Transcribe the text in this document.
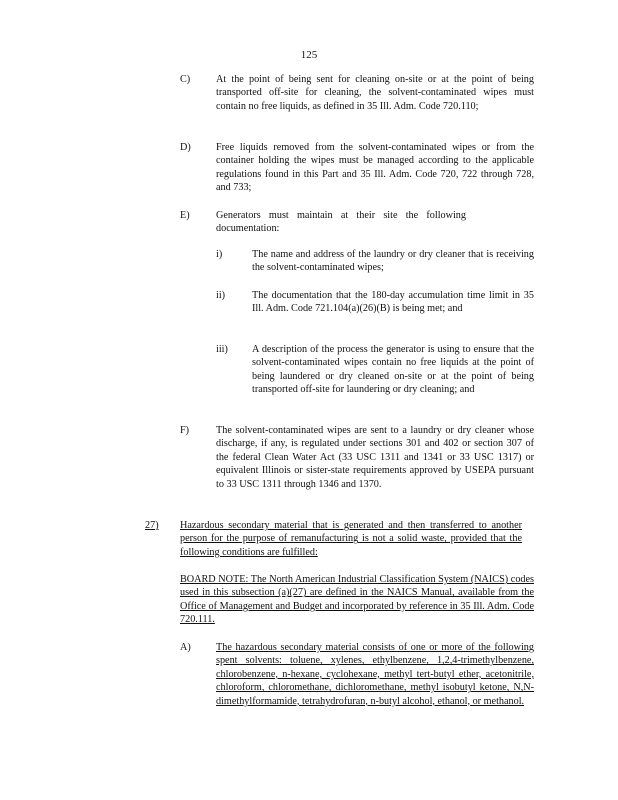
125
C)	At the point of being sent for cleaning on-site or at the point of being transported off-site for cleaning, the solvent-contaminated wipes must contain no free liquids, as defined in 35 Ill. Adm. Code 720.110;
D) Free liquids removed from the solvent-contaminated wipes or from the container holding the wipes must be managed according to the applicable regulations found in this Part and 35 Ill. Adm. Code 720, 722 through 728, and 733;
E)	Generators must maintain at their site the following documentation:
i)	The name and address of the laundry or dry cleaner that is receiving the solvent-contaminated wipes;
ii)	The documentation that the 180-day accumulation time limit in 35 Ill. Adm. Code 721.104(a)(26)(B) is being met; and
iii) A description of the process the generator is using to ensure that the solvent-contaminated wipes contain no free liquids at the point of being laundered or dry cleaned on-site or at the point of being transported off-site for laundering or dry cleaning; and
F)	The solvent-contaminated wipes are sent to a laundry or dry cleaner whose discharge, if any, is regulated under sections 301 and 402 or section 307 of the federal Clean Water Act (33 USC 1311 and 1341 or 33 USC 1317) or equivalent Illinois or sister-state requirements approved by USEPA pursuant to 33 USC 1311 through 1346 and 1370.
27) Hazardous secondary material that is generated and then transferred to another person for the purpose of remanufacturing is not a solid waste, provided that the following conditions are fulfilled:
BOARD NOTE: The North American Industrial Classification System (NAICS) codes used in this subsection (a)(27) are defined in the NAICS Manual, available from the Office of Management and Budget and incorporated by reference in 35 Ill. Adm. Code 720.111.
A) The hazardous secondary material consists of one or more of the following spent solvents: toluene, xylenes, ethylbenzene, 1,2,4-trimethylbenzene, chlorobenzene, n-hexane, cyclohexane, methyl tert-butyl ether, acetonitrile, chloroform, chloromethane, dichloromethane, methyl isobutyl ketone, N,N-dimethylformamide, tetrahydrofuran, n-butyl alcohol, ethanol, or methanol.
